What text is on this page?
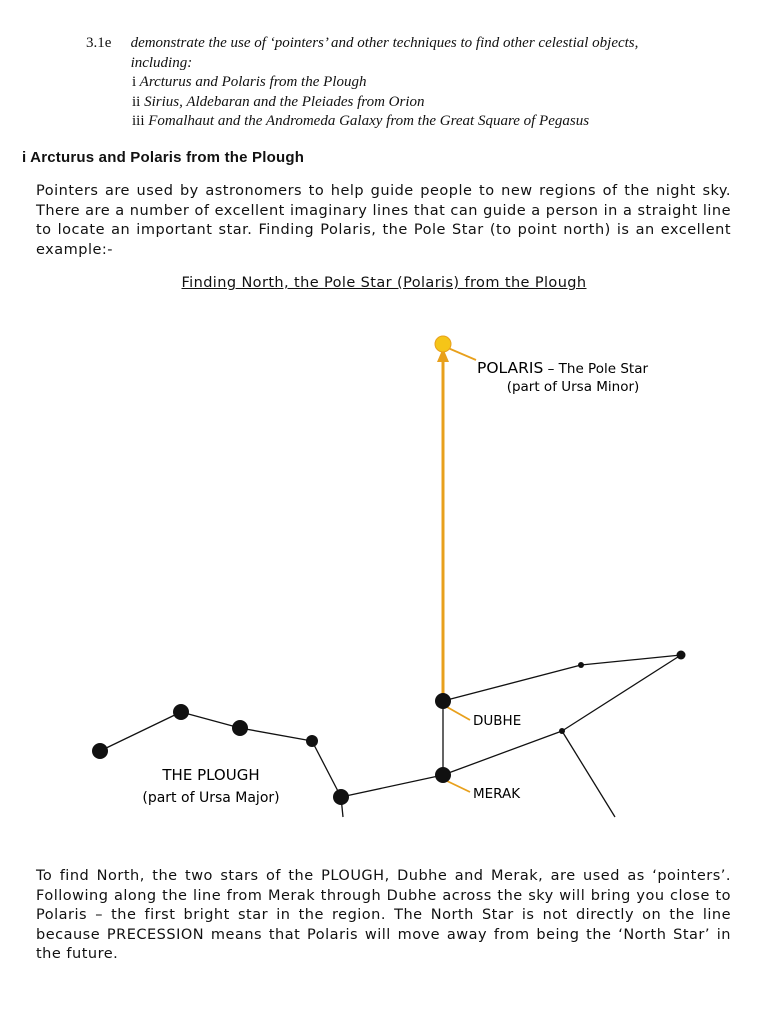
3.1e	demonstrate the use of ‘pointers’ and other techniques to find other celestial objects, including:
i Arcturus and Polaris from the Plough
ii Sirius, Aldebaran and the Pleiades from Orion
iii Fomalhaut and the Andromeda Galaxy from the Great Square of Pegasus
i Arcturus and Polaris from the Plough

Pointers are used by astronomers to help guide people to new regions of the night sky. There are a number of excellent imaginary lines that can guide a person in a straight line to locate an important star. Finding Polaris, the Pole Star (to point north) is an excellent example:-

Finding North, the Pole Star (Polaris) from the Plough
POLARIS – The Pole Star
(part of Ursa Minor)
DUBHE
MERAK
THE PLOUGH
(part of Ursa Major)

To find North, the two stars of the PLOUGH, Dubhe and Merak, are used as ‘pointers’. Following along the line from Merak through Dubhe across the sky will bring you close to Polaris – the first bright star in the region. The North Star is not directly on the line because PRECESSION means that Polaris will move away from being the ‘North Star’ in the future.
